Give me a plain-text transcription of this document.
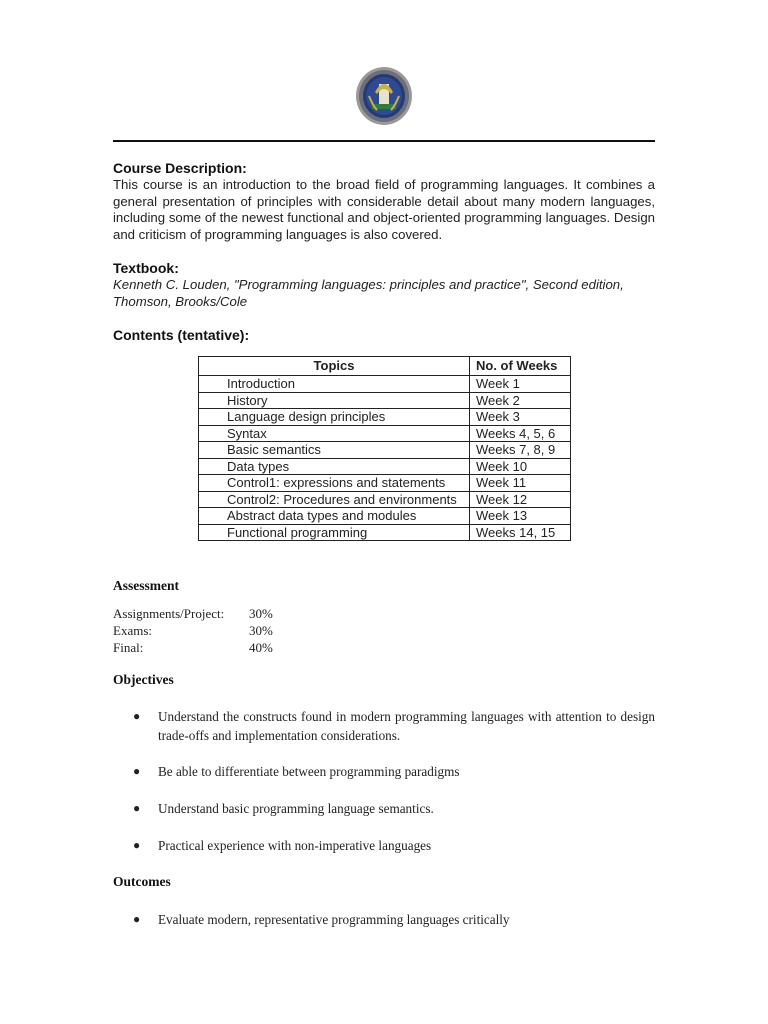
Course Description:
This course is an introduction to the broad field of programming languages. It combines a general presentation of principles with considerable detail about many modern languages, including some of the newest functional and object-oriented programming languages. Design and criticism of programming languages is also covered.
Textbook:
Kenneth C. Louden, "Programming languages: principles and practice", Second edition, Thomson, Brooks/Cole
Contents (tentative):
Topics	No. of Weeks
Introduction	Week 1
History	Week 2
Language design principles	Week 3
Syntax	Weeks 4, 5, 6
Basic semantics	Weeks 7, 8, 9
Data types	Week 10
Control1: expressions and statements	Week 11
Control2: Procedures and environments	Week 12
Abstract data types and modules	Week 13
Functional programming	Weeks 14, 15
Assessment
Assignments/Project: 30%
Exams:	30%
Final:	40%
Objectives
● Understand the constructs found in modern programming languages with attention to design trade-offs and implementation considerations.
● Be able to differentiate between programming paradigms
● Understand basic programming language semantics.
● Practical experience with non-imperative languages
Outcomes
● Evaluate modern, representative programming languages critically
